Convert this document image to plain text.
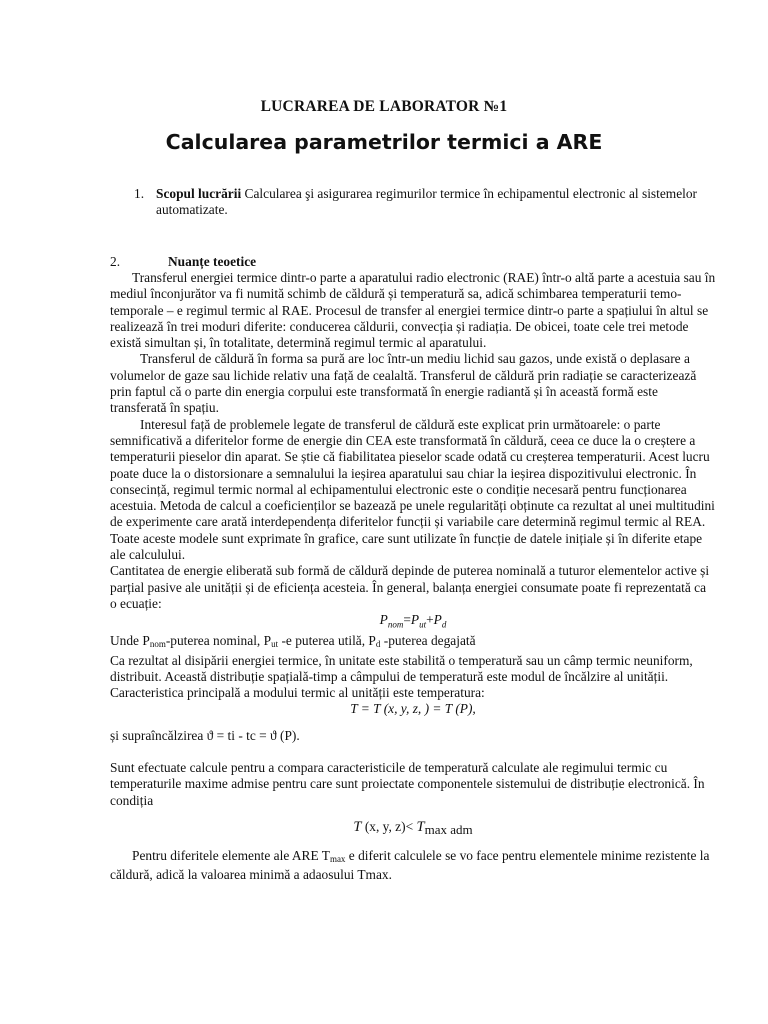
LUCRAREA DE LABORATOR №1
Calcularea parametrilor termici a ARE
1. Scopul lucrării Calcularea şi asigurarea regimurilor termice în echipamentul electronic al sistemelor automatizate.
2.	Nuanțe teoetice

Transferul energiei termice dintr-o parte a aparatului radio electronic (RAE) într-o altă parte a acestuia sau în mediul înconjurător va fi numită schimb de căldură și temperatură sa, adică schimbarea temperaturii temo-temporale – e regimul termic al RAE. Procesul de transfer al energiei termice dintr-o parte a spațiului în altul se realizează în trei moduri diferite: conducerea căldurii, convecția și radiația. De obicei, toate cele trei metode există simultan și, în totalitate, determină regimul termic al aparatului.

Transferul de căldură în forma sa pură are loc într-un mediu lichid sau gazos, unde există o deplasare a volumelor de gaze sau lichide relativ una față de cealaltă. Transferul de căldură prin radiație se caracterizează prin faptul că o parte din energia corpului este transformată în energie radiantă și în această formă este transferată în spațiu.

Interesul față de problemele legate de transferul de căldură este explicat prin următoarele: o parte semnificativă a diferitelor forme de energie din CEA este transformată în căldură, ceea ce duce la o creștere a temperaturii pieselor din aparat. Se știe că fiabilitatea pieselor scade odată cu creșterea temperaturii. Acest lucru poate duce la o distorsionare a semnalului la ieșirea aparatului sau chiar la ieșirea dispozitivului electronic. În consecință, regimul termic normal al echipamentului electronic este o condiție necesară pentru funcționarea acestuia. Metoda de calcul a coeficienților se bazează pe unele regularități obținute ca rezultat al unei multitudini de experimente care arată interdependența diferitelor funcții și variabile care determină regimul termic al REA. Toate aceste modele sunt exprimate în grafice, care sunt utilizate în funcție de datele inițiale și în diferite etape ale calculului.

Cantitatea de energie eliberată sub formă de căldură depinde de puterea nominală a tuturor elementelor active și parțial pasive ale unității și de eficiența acesteia. În general, balanța energiei consumate poate fi reprezentată ca o ecuație:

$P_{nom}=P_{ut}+P_d$

Unde Pnom-puterea nominal, Put -e puterea utilă, Pd -puterea degajată

Ca rezultat al disipării energiei termice, în unitate este stabilită o temperatură sau un câmp termic neuniform, distribuit. Această distribuție spațială-timp a câmpului de temperatură este modul de încălzire al unității. Caracteristica principală a modului termic al unității este temperatura:

T = T (x, y, z, ) = T (P),

și supraîncălzirea ϑ = ti - tc = ϑ (P).

Sunt efectuate calcule pentru a compara caracteristicile de temperatură calculate ale regimului termic cu temperaturile maxime admise pentru care sunt proiectate componentele sistemului de distribuție electronică. În condiția

T (x, y, z)< Tmax adm

Pentru diferitele elemente ale ARE Tmax e diferit calculele se vo face pentru elementele minime rezistente la căldură, adică la valoarea minimă a adaosului Tmax.
